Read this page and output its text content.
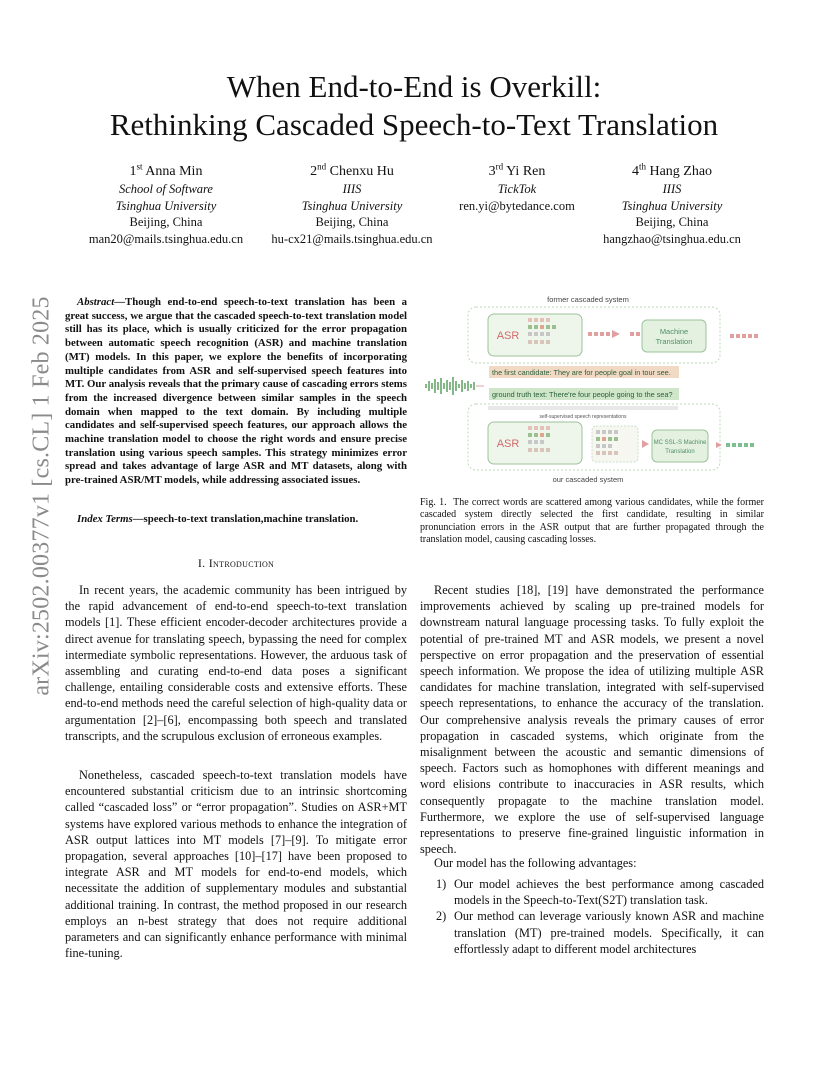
arXiv:2502.00377v1 [cs.CL] 1 Feb 2025
When End-to-End is Overkill:
Rethinking Cascaded Speech-to-Text Translation
1st Anna Min
School of Software
Tsinghua University
Beijing, China
man20@mails.tsinghua.edu.cn
2nd Chenxu Hu
IIIS
Tsinghua University
Beijing, China
hu-cx21@mails.tsinghua.edu.cn
3rd Yi Ren
TickTok
ren.yi@bytedance.com
4th Hang Zhao
IIIS
Tsinghua University
Beijing, China
hangzhao@tsinghua.edu.cn
Abstract—Though end-to-end speech-to-text translation has been a great success, we argue that the cascaded speech-to-text translation model still has its place, which is usually criticized for the error propagation between automatic speech recognition (ASR) and machine translation (MT) models. In this paper, we explore the benefits of incorporating multiple candidates from ASR and self-supervised speech features into MT. Our analysis reveals that the primary cause of cascading errors stems from the increased divergence between similar samples in the speech domain when mapped to the text domain. By including multiple candidates and self-supervised speech features, our approach allows the machine translation model to choose the right words and ensure precise translation using various speech samples. This strategy minimizes error spread and takes advantage of large ASR and MT datasets, along with pre-trained ASR/MT models, while addressing associated issues.
Index Terms—speech-to-text translation,machine translation.
I. Introduction

In recent years, the academic community has been intrigued by the rapid advancement of end-to-end speech-to-text translation models [1]. These efficient encoder-decoder architectures provide a direct avenue for translating speech, bypassing the need for complex intermediate symbolic representations. However, the arduous task of assembling and curating end-to-end data poses a significant challenge, entailing considerable costs and extensive efforts. These end-to-end methods need the careful selection of high-quality data or argumentation [2]–[6], encompassing both speech and translated transcripts, and the scrupulous exclusion of erroneous examples.

Nonetheless, cascaded speech-to-text translation models have encountered substantial criticism due to an intrinsic shortcoming called “cascaded loss” or “error propagation”. Studies on ASR+MT systems have explored various methods to enhance the integration of ASR output lattices into MT models [7]–[9]. To mitigate error propagation, several approaches [10]–[17] have been proposed to integrate ASR and MT models for end-to-end models, which necessitate the addition of supplementary modules and substantial additional training. In contrast, the method proposed in our research employs an n-best strategy that does not require additional parameters and can significantly enhance performance with minimal fine-tuning.

former cascaded system
ASR	Machine
Translation
the first candidate: They are for people goal in tour see.
ground truth text: There're four people going to the sea?
self-supervised speech representations
ASR	MC SSL-S Machine
Translation
our cascaded system

Fig. 1. The correct words are scattered among various candidates, while the former cascaded system directly selected the first candidate, resulting in similar pronunciation errors in the ASR output that are further propagated through the translation model, causing cascading losses.

Recent studies [18], [19] have demonstrated the performance improvements achieved by scaling up pre-trained models for downstream natural language processing tasks. To fully exploit the potential of pre-trained MT and ASR models, we present a novel perspective on error propagation and the preservation of essential speech information. We propose the idea of utilizing multiple ASR candidates for machine translation, integrated with self-supervised speech representations, to enhance the accuracy of the translation. Our comprehensive analysis reveals the primary causes of error propagation in cascaded systems, which originate from the misalignment between the acoustic and semantic dimensions of speech. Factors such as homophones with different meanings and word elisions contribute to inaccuracies in ASR results, which consequently propagate to the machine translation model. Furthermore, we explore the use of self-supervised language representations to preserve fine-grained linguistic information in speech.

Our model has the following advantages:

1) Our model achieves the best performance among cascaded models in the Speech-to-Text(S2T) translation task.
2) Our method can leverage variously known ASR and machine translation (MT) pre-trained models. Specifically, it can effortlessly adapt to different model architectures
